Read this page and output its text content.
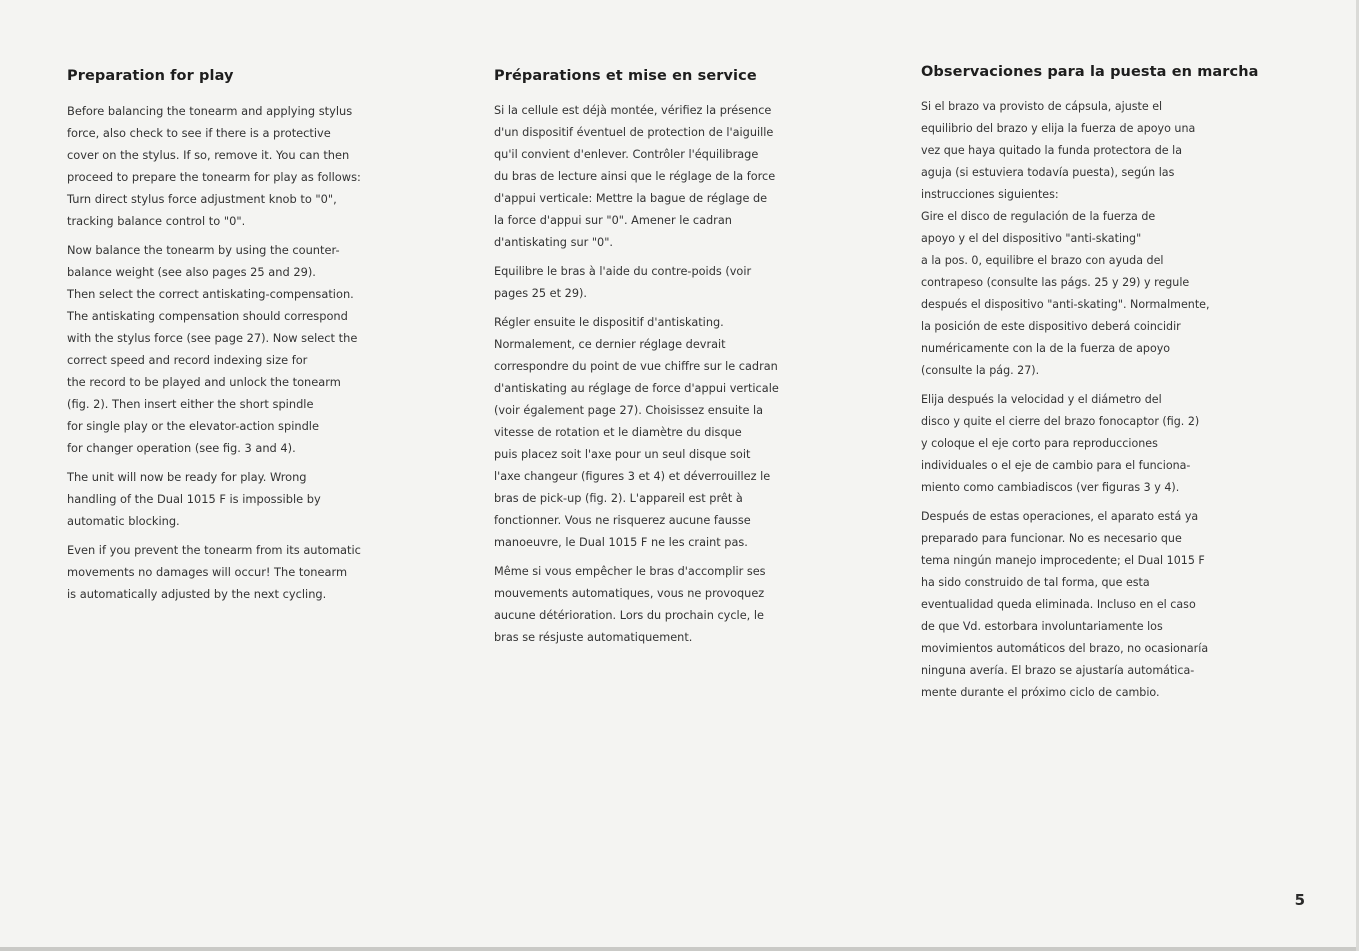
Preparation for play

Before balancing the tonearm and applying stylus
force, also check to see if there is a protective
cover on the stylus. If so, remove it. You can then
proceed to prepare the tonearm for play as follows:
Turn direct stylus force adjustment knob to "0",
tracking balance control to "0".

Now balance the tonearm by using the counter-
balance weight (see also pages 25 and 29).
Then select the correct antiskating-compensation.
The antiskating compensation should correspond
with the stylus force (see page 27). Now select the
correct speed and record indexing size for
the record to be played and unlock the tonearm
(fig. 2). Then insert either the short spindle
for single play or the elevator-action spindle
for changer operation (see fig. 3 and 4).

The unit will now be ready for play. Wrong
handling of the Dual 1015 F is impossible by
automatic blocking.

Even if you prevent the tonearm from its automatic
movements no damages will occur! The tonearm
is automatically adjusted by the next cycling.

Préparations et mise en service

Si la cellule est déjà montée, vérifiez la présence
d'un dispositif éventuel de protection de l'aiguille
qu'il convient d'enlever. Contrôler l'équilibrage
du bras de lecture ainsi que le réglage de la force
d'appui verticale: Mettre la bague de réglage de
la force d'appui sur "0". Amener le cadran
d'antiskating sur "0".

Equilibre le bras à l'aide du contre-poids (voir
pages 25 et 29).

Régler ensuite le dispositif d'antiskating.
Normalement, ce dernier réglage devrait
correspondre du point de vue chiffre sur le cadran
d'antiskating au réglage de force d'appui verticale
(voir également page 27). Choisissez ensuite la
vitesse de rotation et le diamètre du disque
puis placez soit l'axe pour un seul disque soit
l'axe changeur (figures 3 et 4) et déverrouillez le
bras de pick-up (fig. 2). L'appareil est prêt à
fonctionner. Vous ne risquerez aucune fausse
manoeuvre, le Dual 1015 F ne les craint pas.

Même si vous empêcher le bras d'accomplir ses
mouvements automatiques, vous ne provoquez
aucune détérioration. Lors du prochain cycle, le
bras se résjuste automatiquement.

Observaciones para la puesta en marcha

Si el brazo va provisto de cápsula, ajuste el
equilibrio del brazo y elija la fuerza de apoyo una
vez que haya quitado la funda protectora de la
aguja (si estuviera todavía puesta), según las
instrucciones siguientes:
Gire el disco de regulación de la fuerza de
apoyo y el del dispositivo "anti-skating"
a la pos. 0, equilibre el brazo con ayuda del
contrapeso (consulte las págs. 25 y 29) y regule
después el dispositivo "anti-skating". Normalmente,
la posición de este dispositivo deberá coincidir
numéricamente con la de la fuerza de apoyo
(consulte la pág. 27).

Elija después la velocidad y el diámetro del
disco y quite el cierre del brazo fonocaptor (fig. 2)
y coloque el eje corto para reproducciones
individuales o el eje de cambio para el funciona-
miento como cambiadiscos (ver figuras 3 y 4).

Después de estas operaciones, el aparato está ya
preparado para funcionar. No es necesario que
tema ningún manejo improcedente; el Dual 1015 F
ha sido construido de tal forma, que esta
eventualidad queda eliminada. Incluso en el caso
de que Vd. estorbara involuntariamente los
movimientos automáticos del brazo, no ocasionaría
ninguna avería. El brazo se ajustaría automática-
mente durante el próximo ciclo de cambio.

5
